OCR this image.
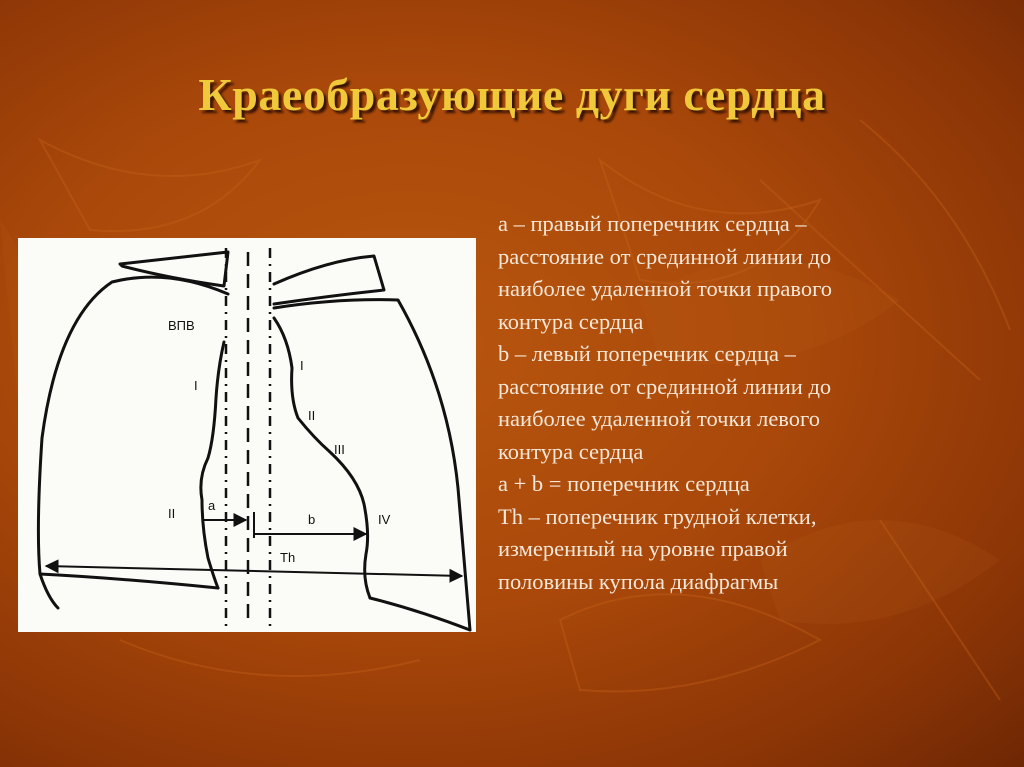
Краеобразующие дуги сердца
ВПВ
I
II
I
II
III
IV
a
b
Th
а – правый поперечник сердца –
расстояние от срединной линии до
наиболее удаленной точки правого
контура сердца
b – левый поперечник сердца –
расстояние от срединной линии до
наиболее удаленной точки левого
контура сердца
a + b = поперечник сердца
Th – поперечник грудной клетки,
измеренный на уровне правой
половины купола диафрагмы
